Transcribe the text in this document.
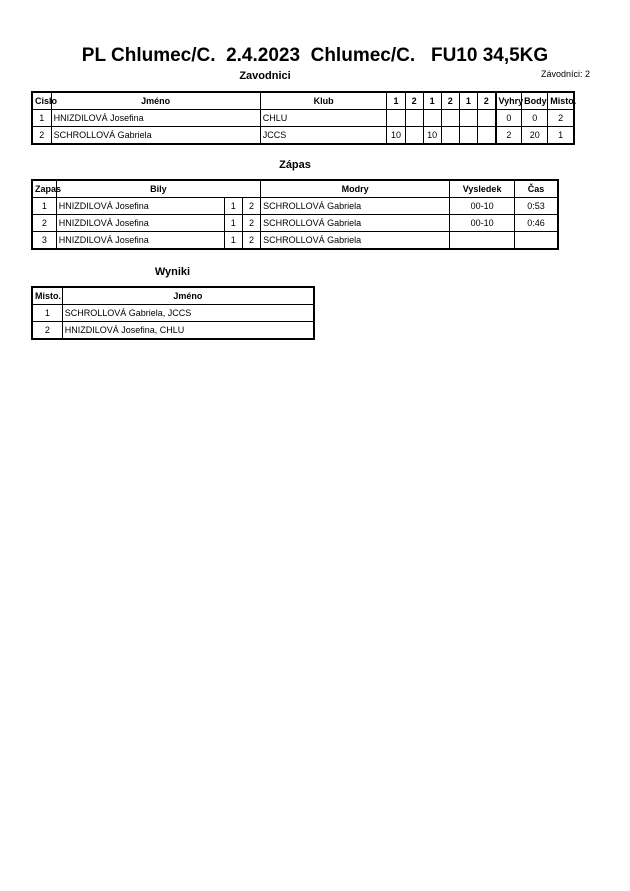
PL Chlumec/C.  2.4.2023  Chlumec/C.   FU10 34,5KG
Závodníci: 2
Zavodnici
Cislo	Jméno	Klub	1	2	1	2	1	2	Vyhry	Body	Misto.
1	HNIZDILOVÁ Josefina	CHLU							0	0	2
2	SCHROLLOVÁ Gabriela	JCCS	10		10				2	20	1
Zápas
Zapas	Bily			Modry	Vysledek	Čas
1	HNIZDILOVÁ Josefina	1	2	SCHROLLOVÁ Gabriela	00-10	0:53
2	HNIZDILOVÁ Josefina	1	2	SCHROLLOVÁ Gabriela	00-10	0:46
3	HNIZDILOVÁ Josefina	1	2	SCHROLLOVÁ Gabriela		
Wyniki
Misto.	Jméno
1	SCHROLLOVÁ Gabriela, JCCS
2	HNIZDILOVÁ Josefina, CHLU
